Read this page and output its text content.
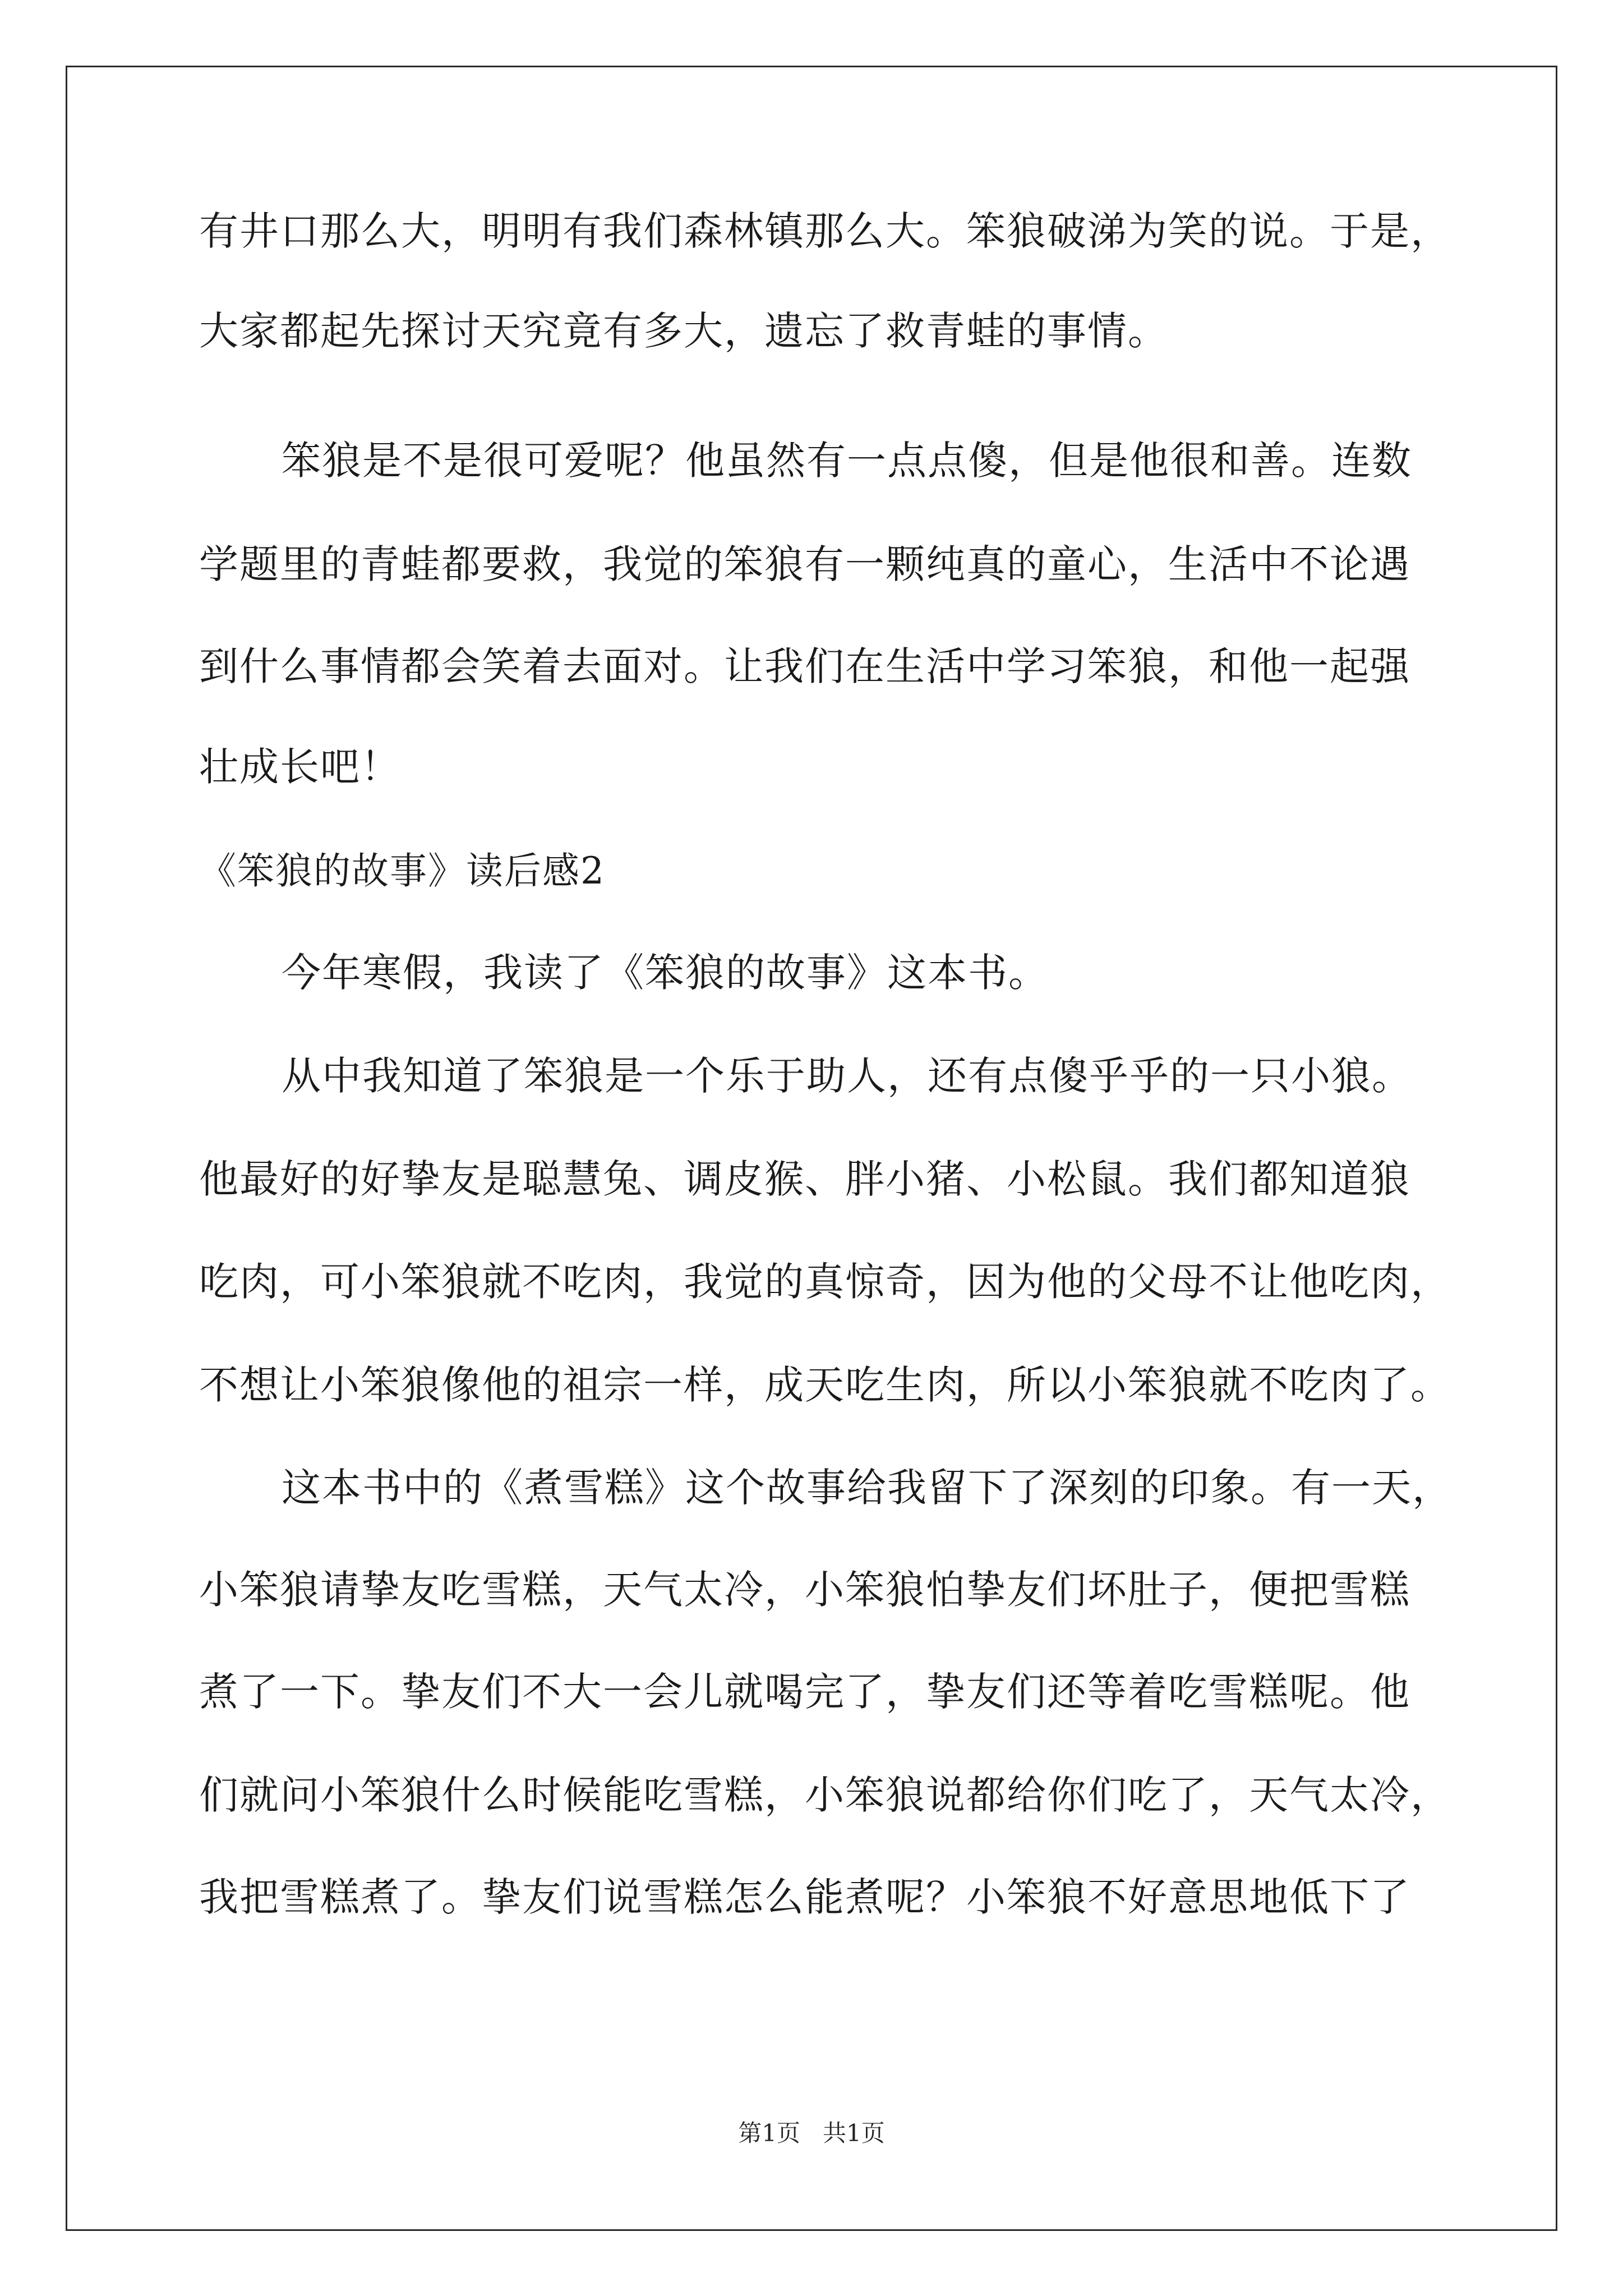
有井口那么大，明明有我们森林镇那么大。笨狼破涕为笑的说。于是，
大家都起先探讨天究竟有多大，遗忘了救青蛙的事情。
笨狼是不是很可爱呢？他虽然有一点点傻，但是他很和善。连数
学题里的青蛙都要救，我觉的笨狼有一颗纯真的童心，生活中不论遇
到什么事情都会笑着去面对。让我们在生活中学习笨狼，和他一起强
壮成长吧！
《笨狼的故事》读后感2
今年寒假，我读了《笨狼的故事》这本书。
从中我知道了笨狼是一个乐于助人，还有点傻乎乎的一只小狼。
他最好的好挚友是聪慧兔、调皮猴、胖小猪、小松鼠。我们都知道狼
吃肉，可小笨狼就不吃肉，我觉的真惊奇，因为他的父母不让他吃肉，
不想让小笨狼像他的祖宗一样，成天吃生肉，所以小笨狼就不吃肉了。
这本书中的《煮雪糕》这个故事给我留下了深刻的印象。有一天，
小笨狼请挚友吃雪糕，天气太冷，小笨狼怕挚友们坏肚子，便把雪糕
煮了一下。挚友们不大一会儿就喝完了，挚友们还等着吃雪糕呢。他
们就问小笨狼什么时候能吃雪糕，小笨狼说都给你们吃了，天气太冷，
我把雪糕煮了。挚友们说雪糕怎么能煮呢？小笨狼不好意思地低下了
第1页   共1页
